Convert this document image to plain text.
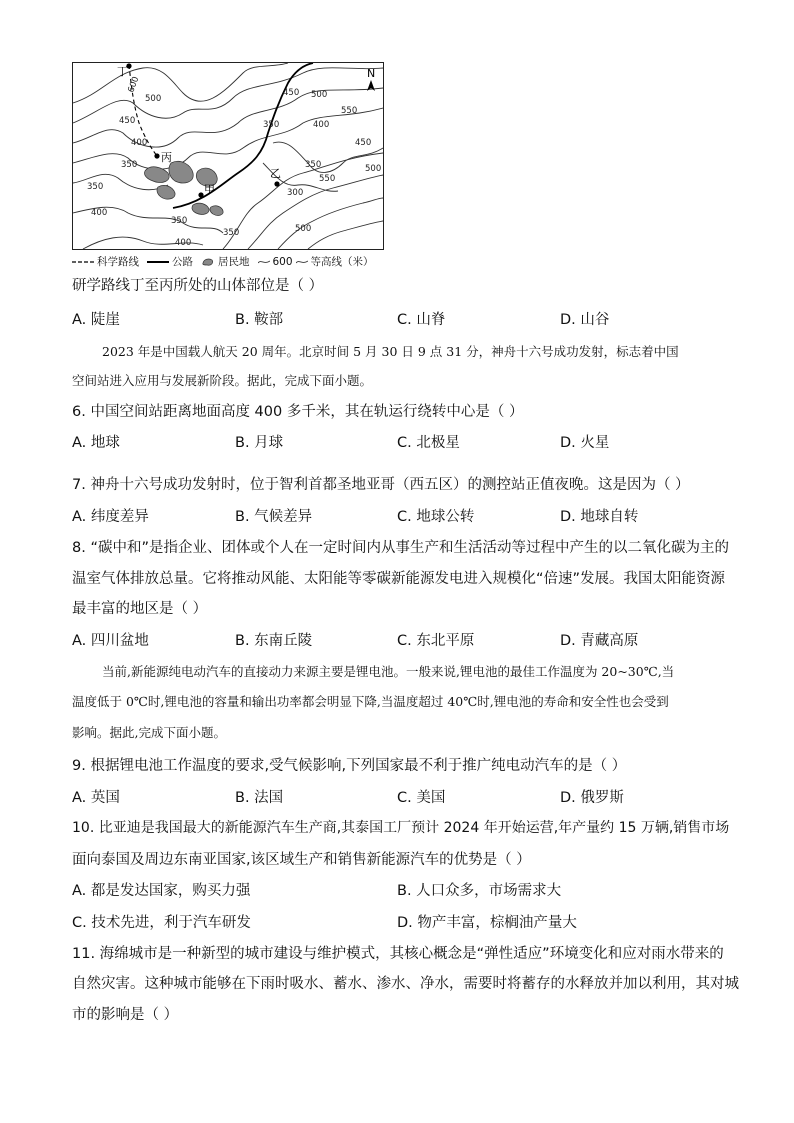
丁
丙
甲
乙
N
600
500
450
400
350
450 500
550
350	400
350
450
550
500
400
350
300
350
350
400
500
科学路线	公路 居民地 600 等高线（米）
研学路线丁至丙所处的山体部位是（ ）
A. 陡崖	B. 鞍部	C. 山脊	D. 山谷
2023 年是中国载人航天 20 周年。北京时间 5 月 30 日 9 点 31 分，神舟十六号成功发射，标志着中国
空间站进入应用与发展新阶段。据此，完成下面小题。
6. 中国空间站距离地面高度 400 多千米，其在轨运行绕转中心是（ ）
A. 地球	B. 月球	C. 北极星	D. 火星
7. 神舟十六号成功发射时，位于智利首都圣地亚哥（西五区）的测控站正值夜晚。这是因为（ ）
A. 纬度差异	B. 气候差异	C. 地球公转	D. 地球自转
8. “碳中和”是指企业、团体或个人在一定时间内从事生产和生活活动等过程中产生的以二氧化碳为主的
温室气体排放总量。它将推动风能、太阳能等零碳新能源发电进入规模化“倍速”发展。我国太阳能资源
最丰富的地区是（ ）
A. 四川盆地	B. 东南丘陵	C. 东北平原	D. 青藏高原
当前,新能源纯电动汽车的直接动力来源主要是锂电池。一般来说,锂电池的最佳工作温度为 20~30℃,当
温度低于 0℃时,锂电池的容量和输出功率都会明显下降,当温度超过 40℃时,锂电池的寿命和安全性也会受到
影响。据此,完成下面小题。
9. 根据锂电池工作温度的要求,受气候影响,下列国家最不利于推广纯电动汽车的是（ ）
A. 英国	B. 法国	C. 美国	D. 俄罗斯
10. 比亚迪是我国最大的新能源汽车生产商,其泰国工厂预计 2024 年开始运营,年产量约 15 万辆,销售市场
面向泰国及周边东南亚国家,该区域生产和销售新能源汽车的优势是（ ）
A. 都是发达国家，购买力强	B. 人口众多，市场需求大
C. 技术先进，利于汽车研发	D. 物产丰富，棕榈油产量大
11. 海绵城市是一种新型的城市建设与维护模式，其核心概念是“弹性适应”环境变化和应对雨水带来的
自然灾害。这种城市能够在下雨时吸水、蓄水、渗水、净水，需要时将蓄存的水释放并加以利用，其对城
市的影响是（ ）
